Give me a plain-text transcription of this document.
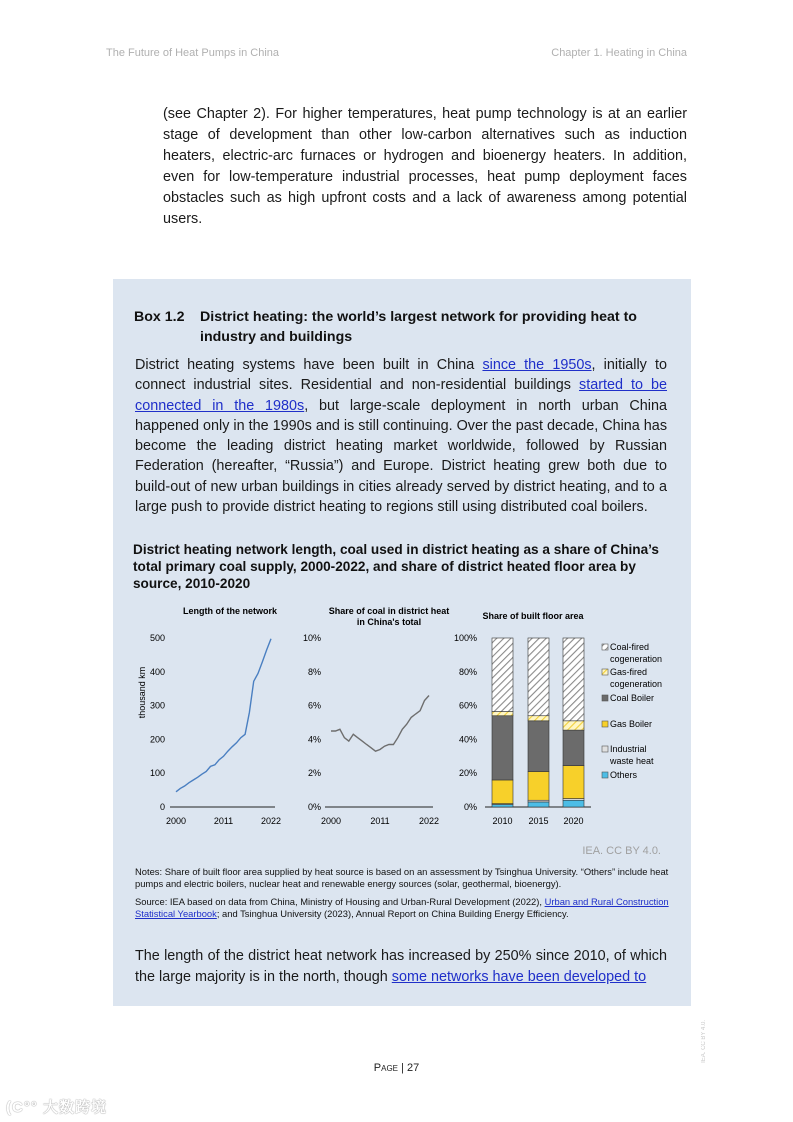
The Future of Heat Pumps in China	Chapter 1. Heating in China
(see Chapter 2). For higher temperatures, heat pump technology is at an earlier stage of development than other low-carbon alternatives such as induction heaters, electric-arc furnaces or hydrogen and bioenergy heaters. In addition, even for low-temperature industrial processes, heat pump deployment faces obstacles such as high upfront costs and a lack of awareness among potential users.
Box 1.2 District heating: the world’s largest network for providing heat to industry and buildings
District heating systems have been built in China since the 1950s, initially to connect industrial sites. Residential and non-residential buildings started to be connected in the 1980s, but large-scale deployment in north urban China happened only in the 1990s and is still continuing. Over the past decade, China has become the leading district heating market worldwide, followed by Russian Federation (hereafter, “Russia”) and Europe. District heating grew both due to build-out of new urban buildings in cities already served by district heating, and to a large push to provide district heating to regions still using distributed coal boilers.
District heating network length, coal used in district heating as a share of China’s total primary coal supply, 2000-2022, and share of district heated floor area by source, 2010-2020
Length of the network
0
100
200
300
400
500
2000	2011	2022
thousand km
Share of coal in district heat
in China's total
0%
2%
4%
6%
8%
10%
2000	2011	2022
Share of built floor area
0%
20%
40%
60%
80%
100%
2010 2015 2020
Coal-fired
cogeneration
Gas-fired
cogeneration
Coal Boiler
Gas Boiler
Industrial
waste heat
Others
IEA. CC BY 4.0.

Notes: Share of built floor area supplied by heat source is based on an assessment by Tsinghua University. “Others” include heat pumps and electric boilers, nuclear heat and renewable energy sources (solar, geothermal, bioenergy).

Source: IEA based on data from China, Ministry of Housing and Urban-Rural Development (2022), Urban and Rural Construction Statistical Yearbook; and Tsinghua University (2023), Annual Report on China Building Energy Efficiency.

The length of the district heat network has increased by 250% since 2010, of which the large majority is in the north, though some networks have been developed to
Page | 27
IEA. CC BY 4.0.
(C°° 大数跨境
